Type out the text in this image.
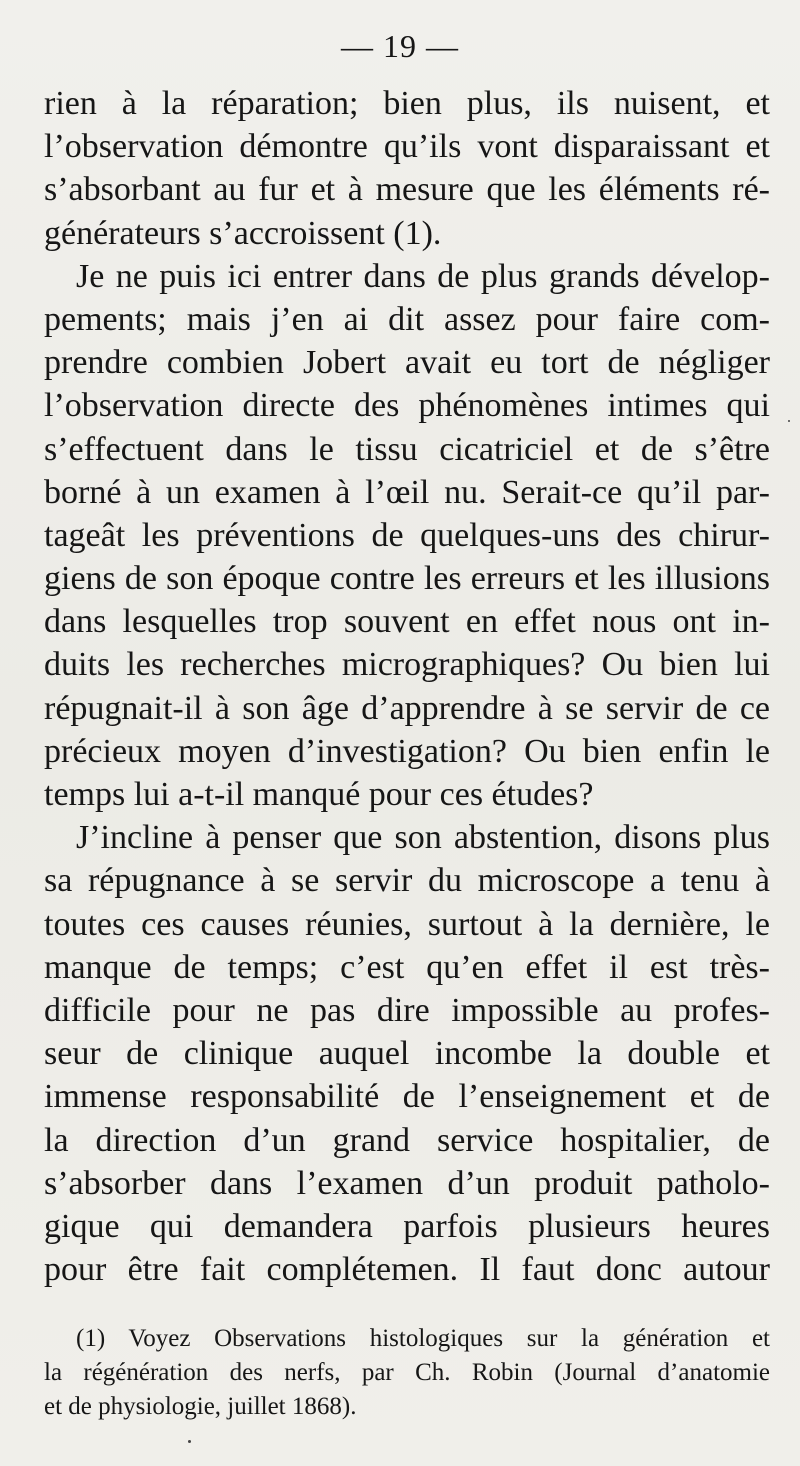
— 19 —
rien à la réparation; bien plus, ils nuisent, et
l’observation démontre qu’ils vont disparaissant et
s’absorbant au fur et à mesure que les éléments ré-
générateurs s’accroissent (1).
Je ne puis ici entrer dans de plus grands dévelop-
pements; mais j’en ai dit assez pour faire com-
prendre combien Jobert avait eu tort de négliger
l’observation directe des phénomènes intimes qui
s’effectuent dans le tissu cicatriciel et de s’être
borné à un examen à l’œil nu. Serait-ce qu’il par-
tageât les préventions de quelques-uns des chirur-
giens de son époque contre les erreurs et les illusions
dans lesquelles trop souvent en effet nous ont in-
duits les recherches micrographiques? Ou bien lui
répugnait-il à son âge d’apprendre à se servir de ce
précieux moyen d’investigation? Ou bien enfin le
temps lui a-t-il manqué pour ces études?
J’incline à penser que son abstention, disons plus
sa répugnance à se servir du microscope a tenu à
toutes ces causes réunies, surtout à la dernière, le
manque de temps; c’est qu’en effet il est très-
difficile pour ne pas dire impossible au profes-
seur de clinique auquel incombe la double et
immense responsabilité de l’enseignement et de
la direction d’un grand service hospitalier, de
s’absorber dans l’examen d’un produit patholo-
gique qui demandera parfois plusieurs heures
pour être fait complétemen. Il faut donc autour
(1) Voyez Observations histologiques sur la génération et
la régénération des nerfs, par Ch. Robin (Journal d’anatomie
et de physiologie, juillet 1868).
